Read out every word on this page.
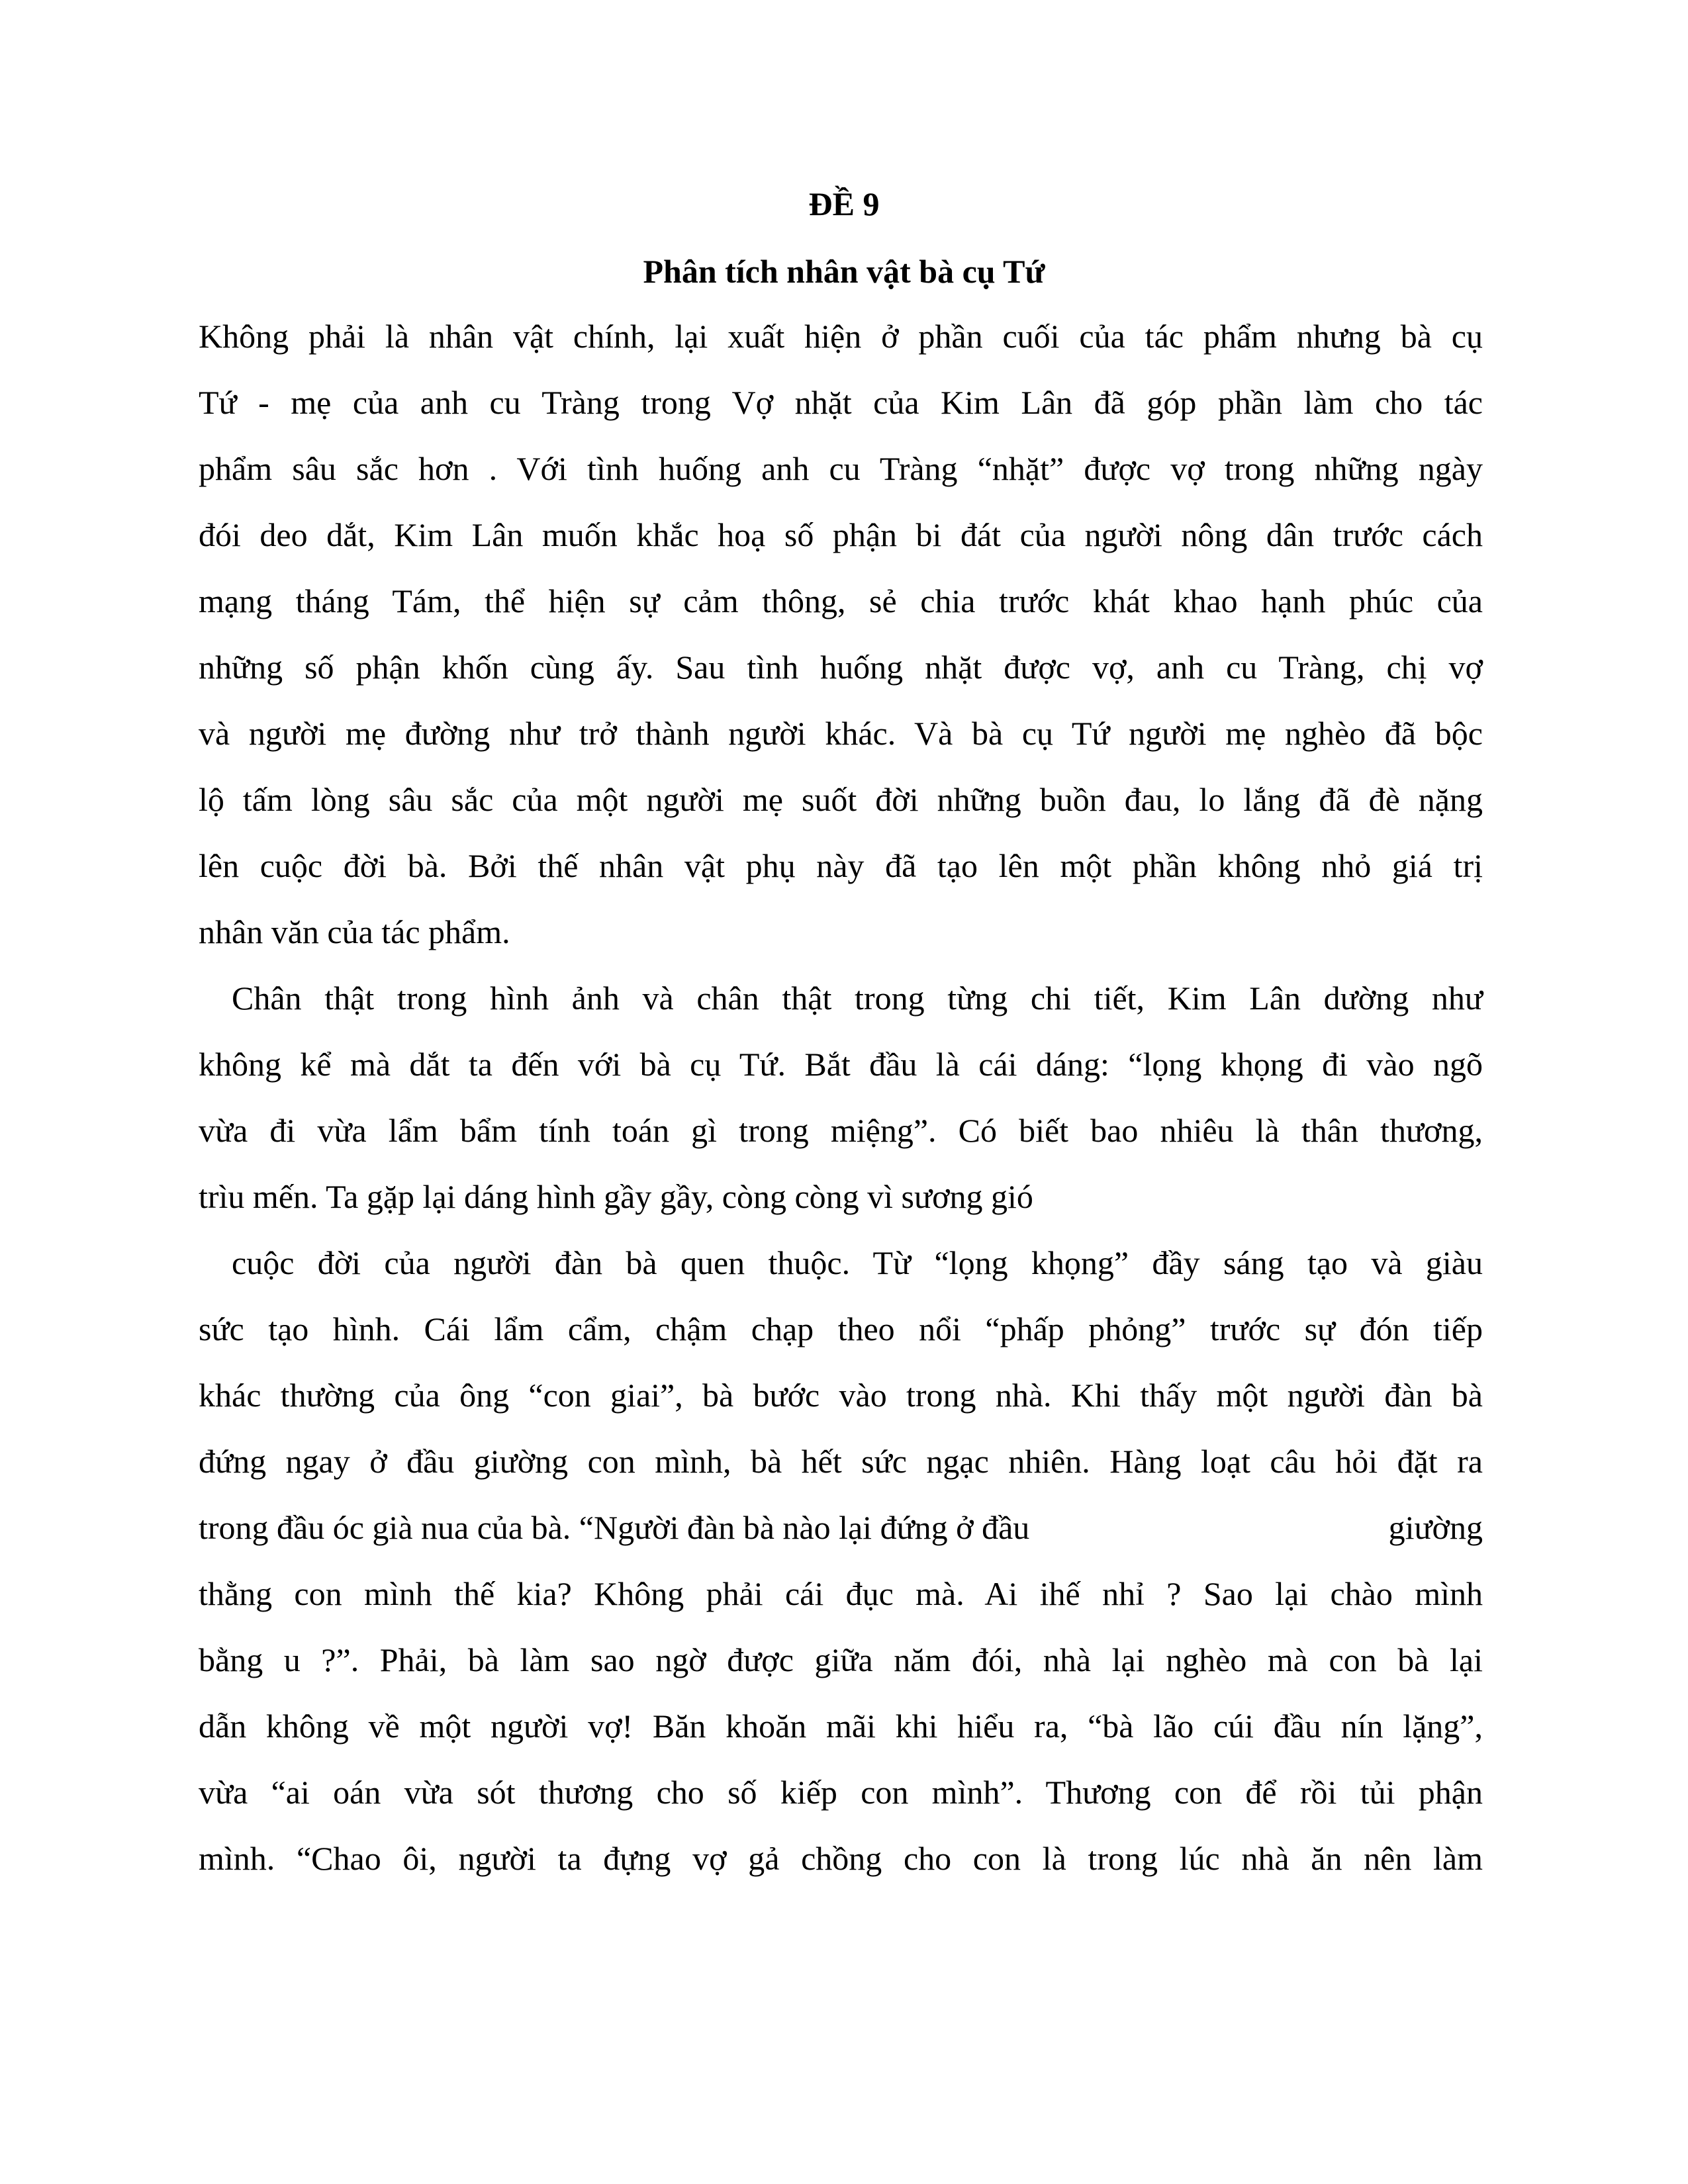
ĐỀ 9
Phân tích nhân vật bà cụ Tứ
Không phải là nhân vật chính, lại xuất hiện ở phần cuối của tác phẩm nhưng bà cụ
Tứ - mẹ của anh cu Tràng trong Vợ nhặt của Kim Lân đã góp phần làm cho tác
phẩm sâu sắc hơn . Với tình huống anh cu Tràng “nhặt” được vợ trong những ngày
đói deo dắt, Kim Lân muốn khắc hoạ số phận bi đát của người nông dân trước cách
mạng tháng Tám, thể hiện sự cảm thông, sẻ chia trước khát khao hạnh phúc của
những số phận khốn cùng ấy. Sau tình huống nhặt được vợ, anh cu Tràng, chị vợ
và người mẹ đường như trở thành người khác. Và bà cụ Tứ người mẹ nghèo đã bộc
lộ tấm lòng sâu sắc của một người mẹ suốt đời những buồn đau, lo lắng đã đè nặng
lên cuộc đời bà. Bởi thế nhân vật phụ này đã tạo lên một phần không nhỏ giá trị
nhân văn của tác phẩm.
Chân thật trong hình ảnh và chân thật trong từng chi tiết, Kim Lân dường như
không kể mà dắt ta đến với bà cụ Tứ. Bắt đầu là cái dáng: “lọng khọng đi vào ngõ
vừa đi vừa lẩm bẩm tính toán gì trong miệng”. Có biết bao nhiêu là thân thương,
trìu mến. Ta gặp lại dáng hình gầy gầy, còng còng vì sương gió
cuộc đời của người đàn bà quen thuộc. Từ “lọng khọng” đầy sáng tạo và giàu
sức tạo hình. Cái lẩm cẩm, chậm chạp theo nổi “phấp phỏng” trước sự đón tiếp
khác thường của ông “con giai”, bà bước vào trong nhà. Khi thấy một người đàn bà
đứng ngay ở đầu giường con mình, bà hết sức ngạc nhiên. Hàng loạt câu hỏi đặt ra
trong đầu óc già nua của bà. “Người đàn bà nào lại đứng ở đầu	giường
thằng con mình thế kia? Không phải cái đục mà. Ai ihế nhỉ ? Sao lại chào mình
bằng u ?”. Phải, bà làm sao ngờ được giữa năm đói, nhà lại nghèo mà con bà lại
dẫn không về một người vợ! Băn khoăn mãi khi hiểu ra, “bà lão cúi đầu nín lặng”,
vừa “ai oán vừa sót thương cho số kiếp con mình”. Thương con để rồi tủi phận
mình. “Chao ôi, người ta đựng vợ gả chồng cho con là trong lúc nhà ăn nên làm
